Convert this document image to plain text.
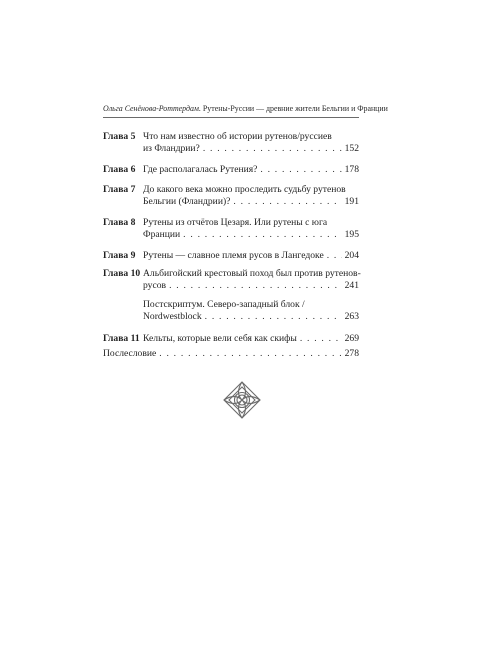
Ольга Сенёнова-Роттердам. Рутены-Руссии — древние жители Бельгии и Франции
Глава 5 Что нам известно об истории рутенов/руссиев
из Фландрии? . . .	152
Глава 6 Где располагалась Рутения? . . .	178
Глава 7 До какого века можно проследить судьбу рутенов
Бельгии (Фландрии)? . . .	191
Глава 8 Рутены из отчётов Цезаря. Или рутены с юга
Франции . . .	195
Глава 9 Рутены — славное племя русов в Лангедоке . . . 204
Глава 10 Альбигойский крестовый поход был против рутенов-
русов . . .	241
Постскриптум. Северо-западный блок /
Nordwestblock . . .	263
Глава 11 Кельты, которые вели себя как скифы . . .	269
Послесловие . . .	278
